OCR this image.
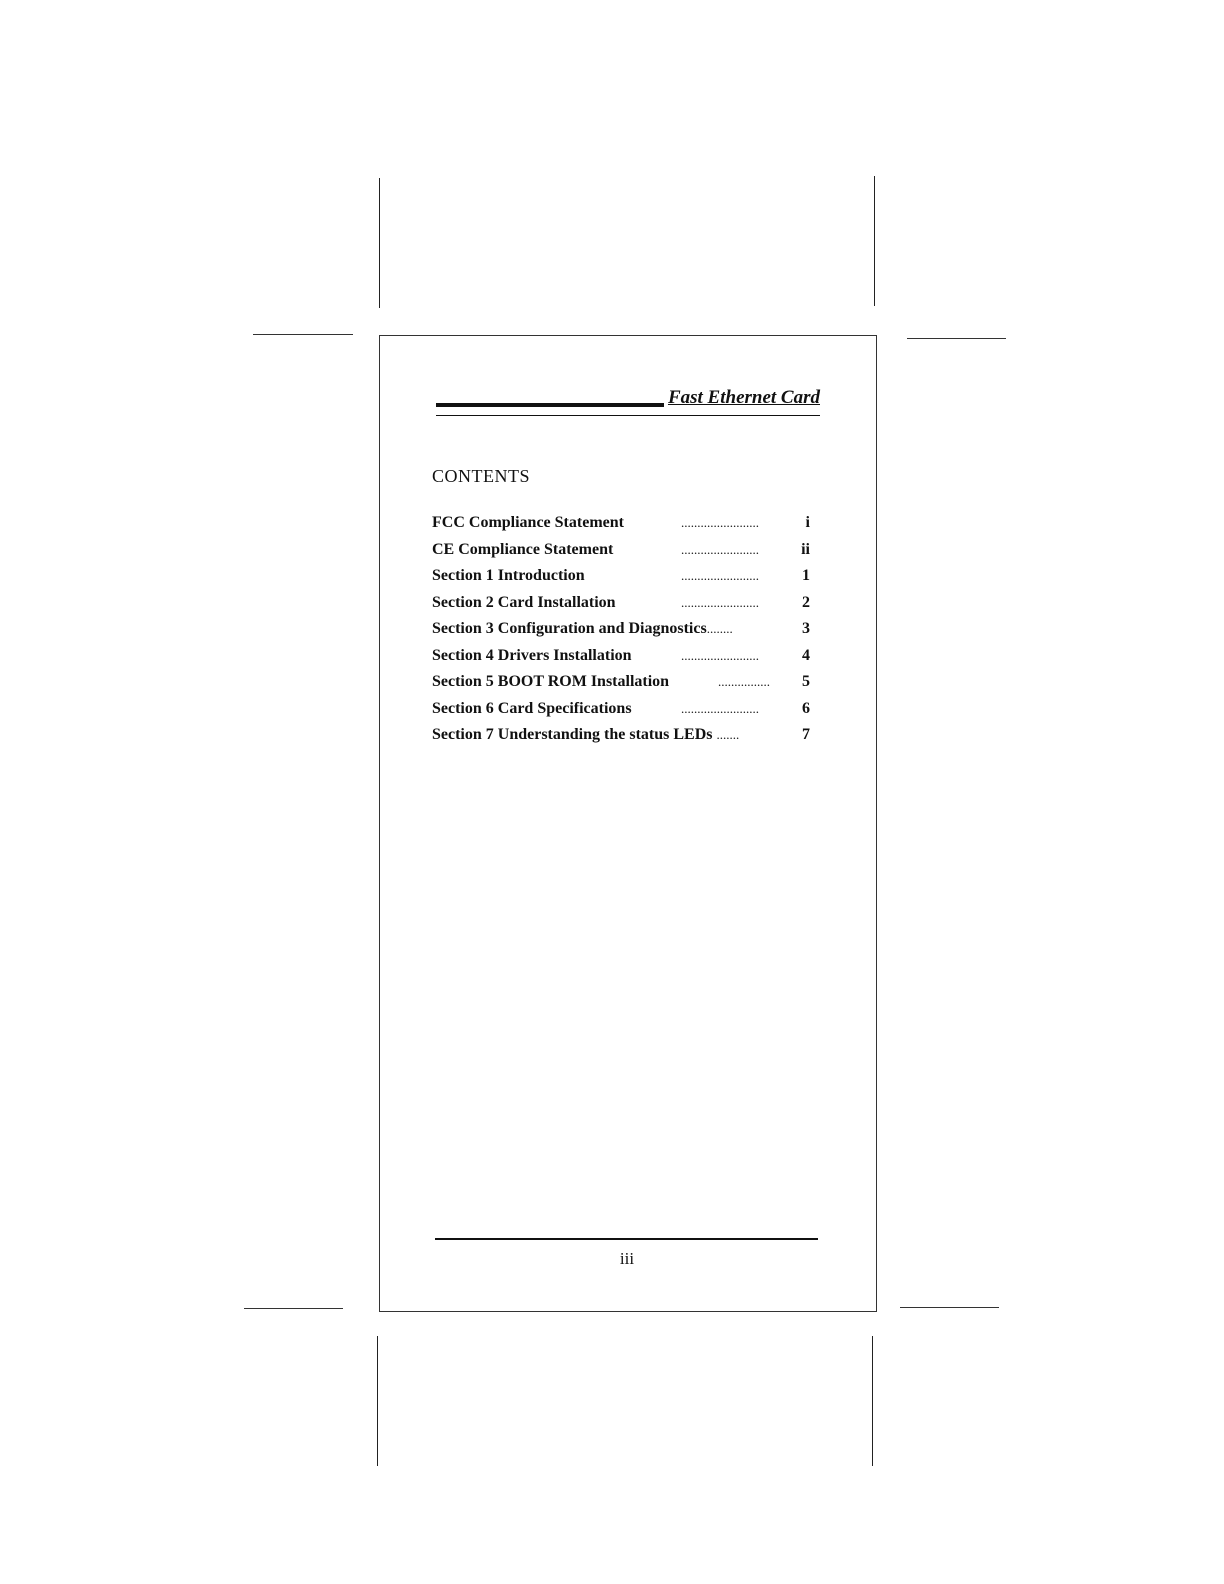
Fast Ethernet Card
CONTENTS
FCC Compliance Statement	........................	i
CE Compliance Statement	........................	ii
Section 1 Introduction	........................	1
Section 2 Card Installation	........................	2
Section 3 Configuration and Diagnostics........	3
Section 4 Drivers Installation	........................	4
Section 5 BOOT ROM Installation	................ 5
Section 6 Card Specifications	........................	6
Section 7 Understanding the status LEDs .......	7
iii
